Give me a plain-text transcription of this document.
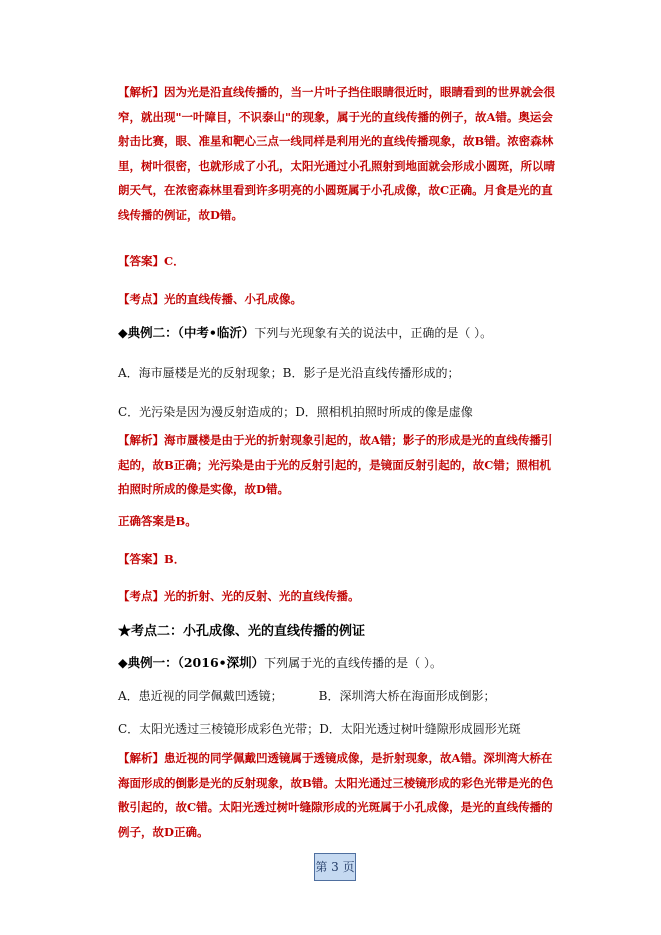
【解析】因为光是沿直线传播的，当一片叶子挡住眼睛很近时，眼睛看到的世界就会很窄，就出现"一叶障目，不识泰山"的现象，属于光的直线传播的例子，故A错。奥运会射击比赛，眼、准星和靶心三点一线同样是利用光的直线传播现象，故B错。浓密森林里，树叶很密，也就形成了小孔，太阳光通过小孔照射到地面就会形成小圆斑，所以晴朗天气，在浓密森林里看到许多明亮的小圆斑属于小孔成像，故C正确。月食是光的直线传播的例证，故D错。
【答案】C．
【考点】光的直线传播、小孔成像。
◆典例二：（中考•临沂）下列与光现象有关的说法中，正确的是（ ）。
A．海市蜃楼是光的反射现象；B．影子是光沿直线传播形成的；
C．光污染是因为漫反射造成的；D．照相机拍照时所成的像是虚像
【解析】海市蜃楼是由于光的折射现象引起的，故A错；影子的形成是光的直线传播引起的，故B正确；光污染是由于光的反射引起的，是镜面反射引起的，故C错；照相机拍照时所成的像是实像，故D错。
正确答案是B。
【答案】B．
【考点】光的折射、光的反射、光的直线传播。
★考点二：小孔成像、光的直线传播的例证
◆典例一：（2016•深圳）下列属于光的直线传播的是（ ）。
A．患近视的同学佩戴凹透镜；	B．深圳湾大桥在海面形成倒影；
C．太阳光透过三棱镜形成彩色光带；D．太阳光透过树叶缝隙形成圆形光斑
【解析】患近视的同学佩戴凹透镜属于透镜成像，是折射现象，故A错。深圳湾大桥在海面形成的倒影是光的反射现象，故B错。太阳光通过三棱镜形成的彩色光带是光的色散引起的，故C错。太阳光透过树叶缝隙形成的光斑属于小孔成像，是光的直线传播的例子，故D正确。
第 3 页
